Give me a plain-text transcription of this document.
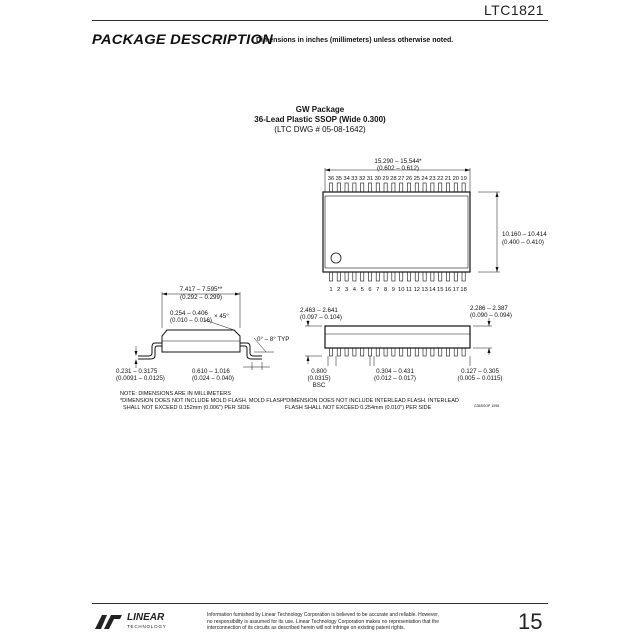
LTC1821
PACKAGE DESCRIPTION
Dimensions in inches (millimeters) unless otherwise noted.
GW Package
36-Lead Plastic SSOP (Wide 0.300)
(LTC DWG # 05-08-1642)
15.290 – 15.544*
(0.602 – 0.612)
36 35 34 33 32 31 30 29 28 27 26 25 24 23 22 21 20 19
1 2 3 4 5 6 7 8 9 10 11 12 13 14 15 16 17 18
10.160 – 10.414
(0.400 – 0.410)
7.417 – 7.595**
(0.292 – 0.299)
0.254 – 0.406 × 45°
(0.010 – 0.016)
0° – 8° TYP
0.231 – 0.3175
(0.0091 – 0.0125)
0.610 – 1.016
(0.024 – 0.040)
2.463 – 2.641
(0.097 – 0.104)
2.286 – 2.387
(0.090 – 0.094)
0.800
(0.0315)
BSC
0.304 – 0.431
(0.012 – 0.017)
0.127 – 0.305
(0.005 – 0.0115)
G36SSOP 1098
NOTE: DIMENSIONS ARE IN MILLIMETERS
*DIMENSION DOES NOT INCLUDE MOLD FLASH. MOLD FLASH
SHALL NOT EXCEED 0.152mm (0.006") PER SIDE
**DIMENSION DOES NOT INCLUDE INTERLEAD FLASH. INTERLEAD
FLASH SHALL NOT EXCEED 0.254mm (0.010") PER SIDE
LINEAR
TECHNOLOGY
Information furnished by Linear Technology Corporation is believed to be accurate and reliable. However, no responsibility is assumed for its use. Linear Technology Corporation makes no representation that the interconnection of its circuits as described herein will not infringe on existing patent rights.	15
